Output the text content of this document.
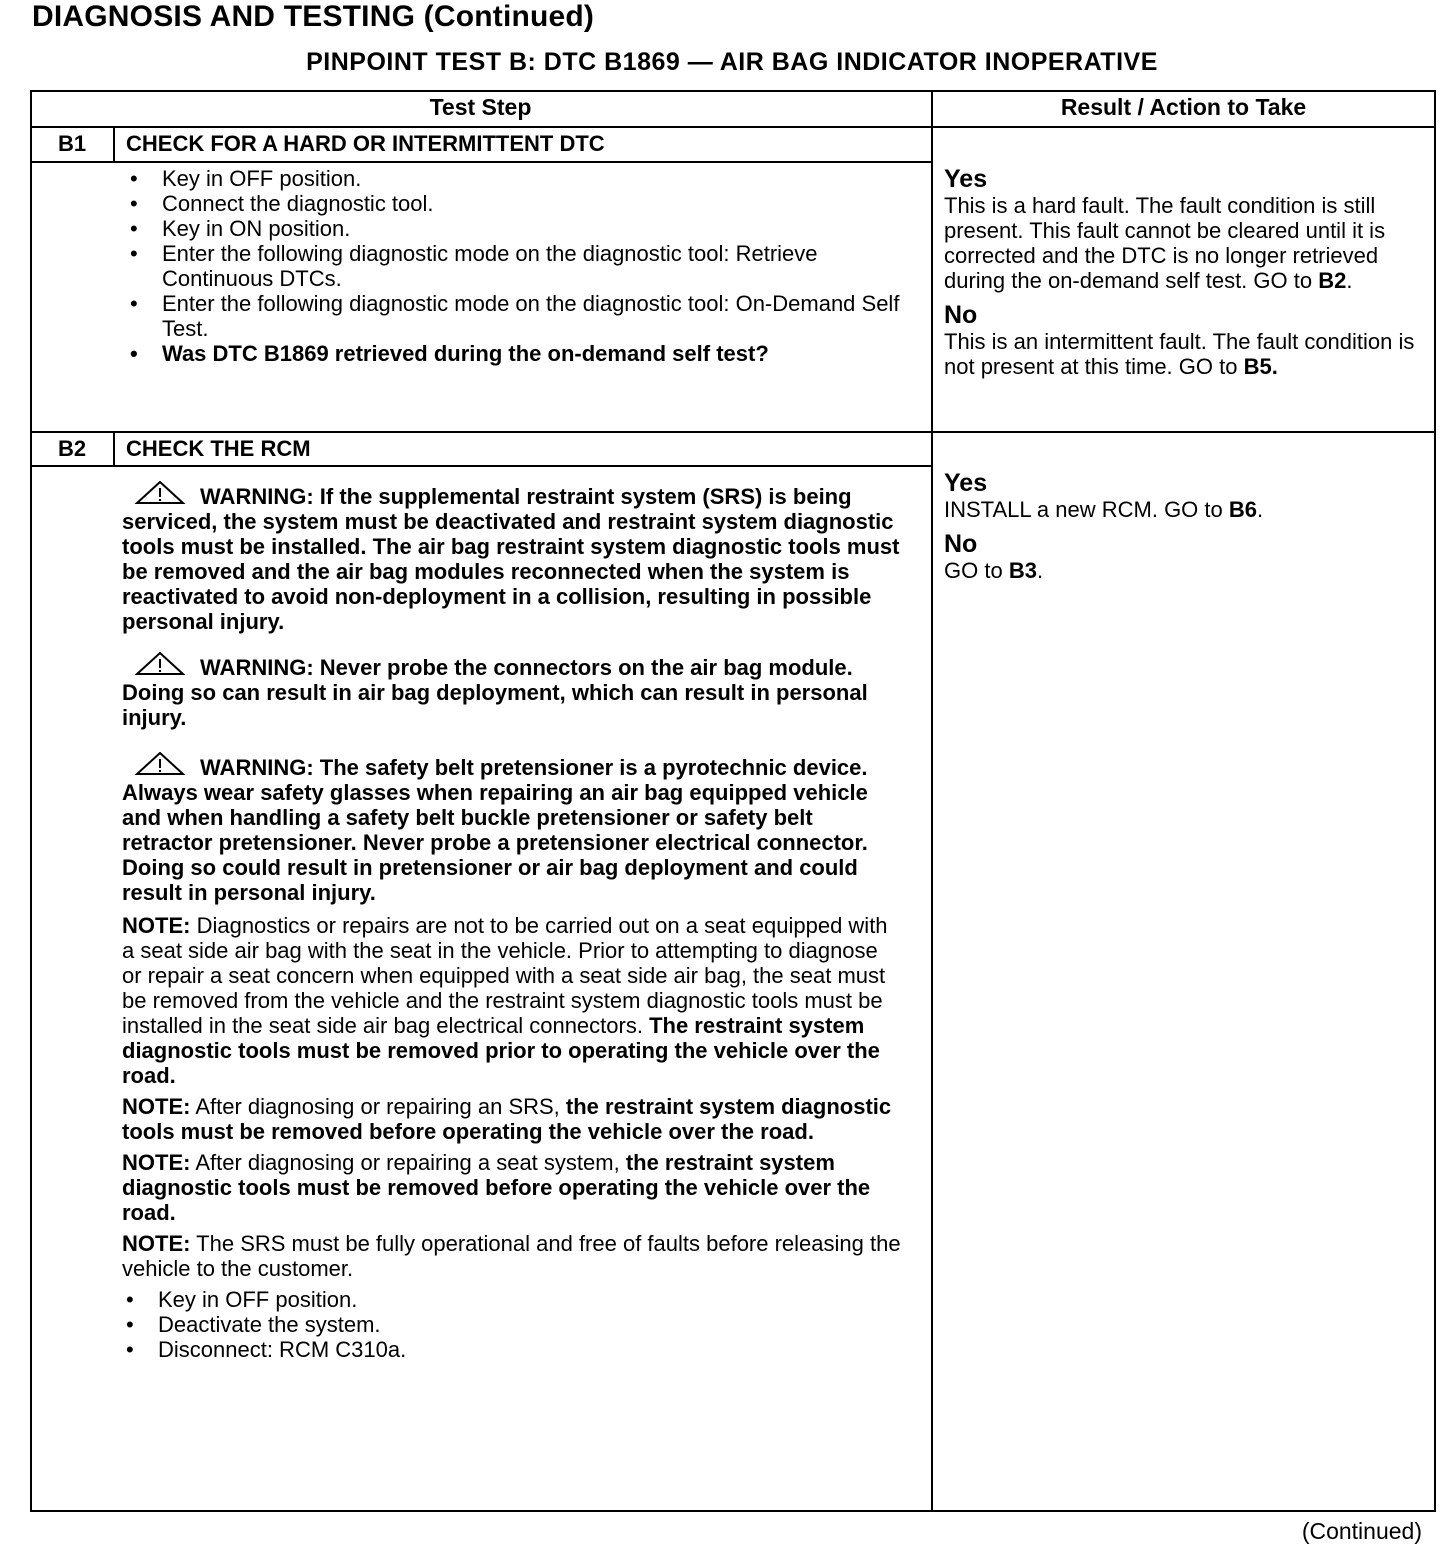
DIAGNOSIS AND TESTING (Continued)
PINPOINT TEST B: DTC B1869 — AIR BAG INDICATOR INOPERATIVE
Test Step	Result / Action to Take
B1	CHECK FOR A HARD OR INTERMITTENT DTC
• Key in OFF position.
• Connect the diagnostic tool.
• Key in ON position.
• Enter the following diagnostic mode on the diagnostic tool: Retrieve Continuous DTCs.
• Enter the following diagnostic mode on the diagnostic tool: On-Demand Self Test.
• Was DTC B1869 retrieved during the on-demand self test?
Yes

This is a hard fault. The fault condition is still present. This fault cannot be cleared until it is corrected and the DTC is no longer retrieved during the on-demand self test. GO to B2.

No

This is an intermittent fault. The fault condition is not present at this time. GO to B5.

B2	CHECK THE RCM
WARNING: If the supplemental restraint system (SRS) is being serviced, the system must be deactivated and restraint system diagnostic tools must be installed. The air bag restraint system diagnostic tools must be removed and the air bag modules reconnected when the system is reactivated to avoid non-deployment in a collision, resulting in possible personal injury.
WARNING: Never probe the connectors on the air bag module. Doing so can result in air bag deployment, which can result in personal injury.
WARNING: The safety belt pretensioner is a pyrotechnic device. Always wear safety glasses when repairing an air bag equipped vehicle and when handling a safety belt buckle pretensioner or safety belt retractor pretensioner. Never probe a pretensioner electrical connector. Doing so could result in pretensioner or air bag deployment and could result in personal injury.
NOTE: Diagnostics or repairs are not to be carried out on a seat equipped with a seat side air bag with the seat in the vehicle. Prior to attempting to diagnose or repair a seat concern when equipped with a seat side air bag, the seat must be removed from the vehicle and the restraint system diagnostic tools must be installed in the seat side air bag electrical connectors. The restraint system diagnostic tools must be removed prior to operating the vehicle over the road.
NOTE: After diagnosing or repairing an SRS, the restraint system diagnostic tools must be removed before operating the vehicle over the road.
NOTE: After diagnosing or repairing a seat system, the restraint system diagnostic tools must be removed before operating the vehicle over the road.
NOTE: The SRS must be fully operational and free of faults before releasing the vehicle to the customer.
• Key in OFF position.
• Deactivate the system.
• Disconnect: RCM C310a.
Yes

INSTALL a new RCM. GO to B6.

No

GO to B3.

(Continued)
